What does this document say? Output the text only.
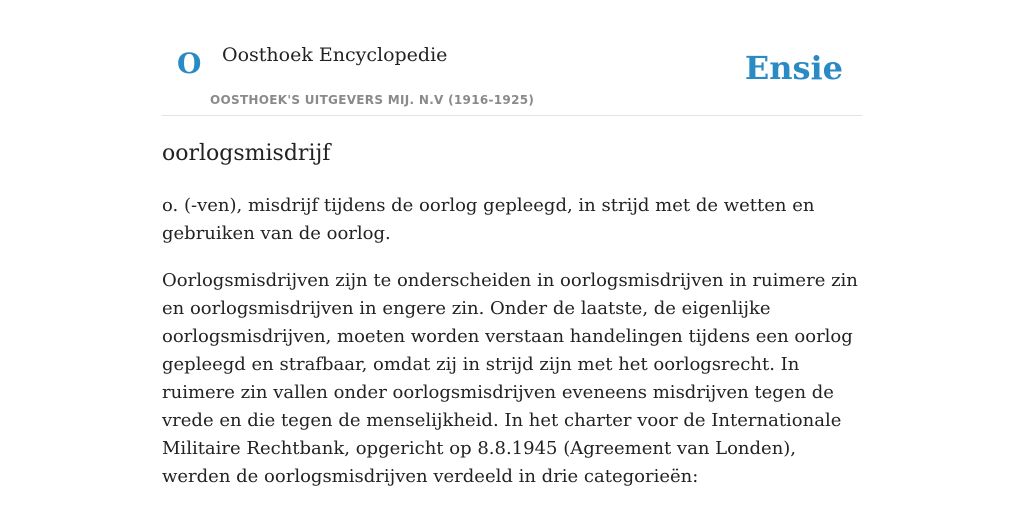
O Oosthoek Encyclopedie
OOSTHOEK'S UITGEVERS MIJ. N.V (1916-1925)
Ensie
oorlogsmisdrijf

o. (-ven), misdrijf tijdens de oorlog gepleegd, in strijd met de wetten en gebruiken van de oorlog.

Oorlogsmisdrijven zijn te onderscheiden in oorlogsmisdrijven in ruimere zin en oorlogsmisdrijven in engere zin. Onder de laatste, de eigenlijke oorlogsmisdrijven, moeten worden verstaan handelingen tijdens een oorlog gepleegd en strafbaar, omdat zij in strijd zijn met het oorlogsrecht. In ruimere zin vallen onder oorlogsmisdrijven eveneens misdrijven tegen de vrede en die tegen de menselijkheid. In het charter voor de Internationale Militaire Rechtbank, opgericht op 8.8.1945 (Agreement van Londen), werden de oorlogsmisdrijven verdeeld in drie categorieën:
